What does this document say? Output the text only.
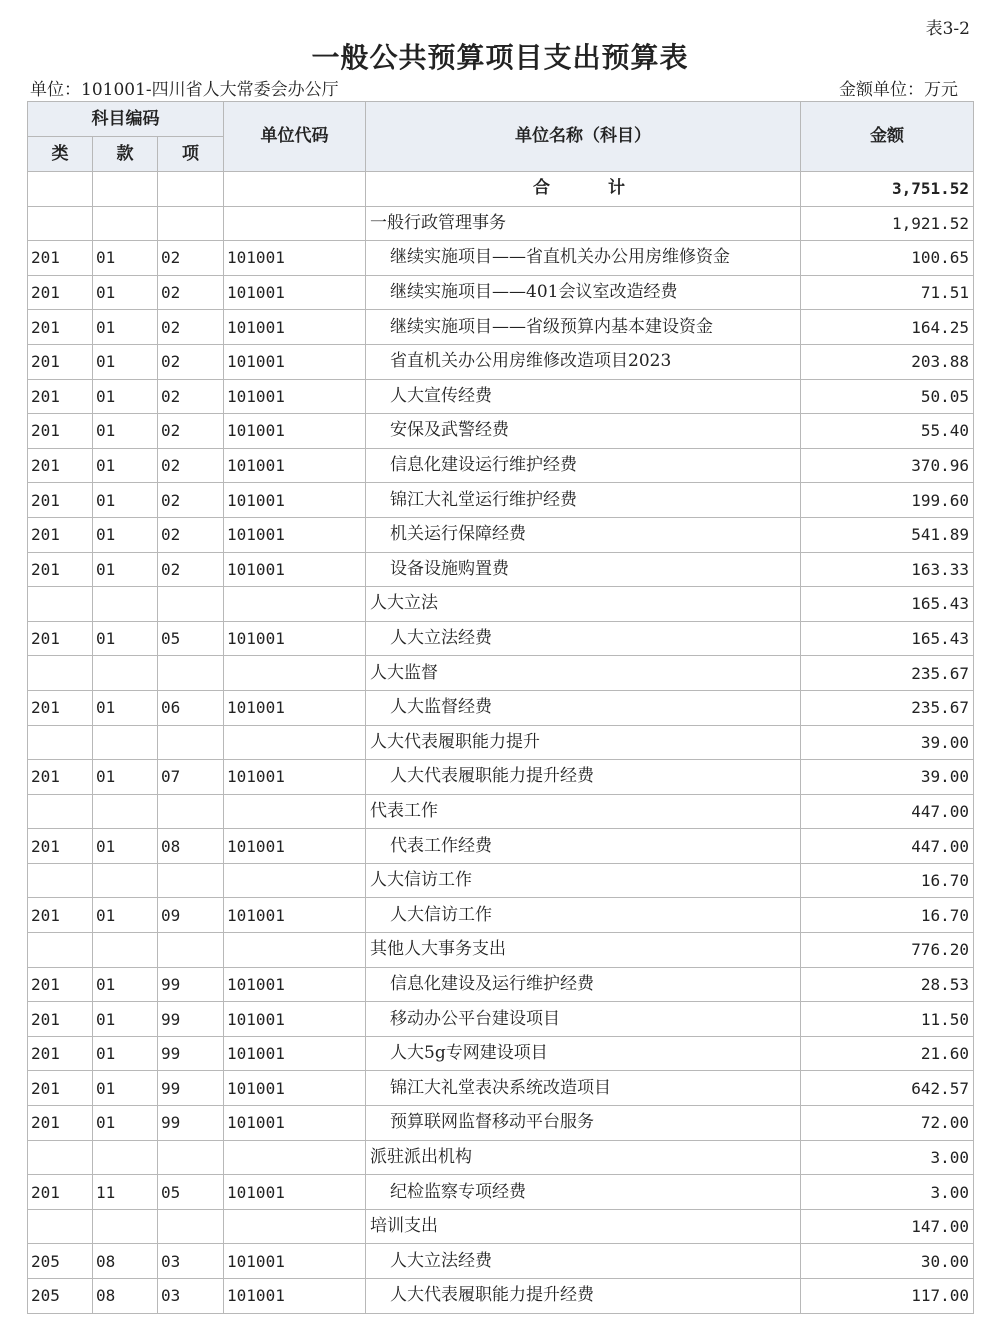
表3-2
一般公共预算项目支出预算表
单位：101001-四川省人大常委会办公厅	金额单位：万元
科目编码			单位代码	单位名称（科目）	金额
类	款	项			
				合　　计	3,751.52
				一般行政管理事务	1,921.52
201	01	02	101001	继续实施项目——省直机关办公用房维修资金	100.65
201	01	02	101001	继续实施项目——401会议室改造经费	71.51
201	01	02	101001	继续实施项目——省级预算内基本建设资金	164.25
201	01	02	101001	省直机关办公用房维修改造项目2023	203.88
201	01	02	101001	人大宣传经费	50.05
201	01	02	101001	安保及武警经费	55.40
201	01	02	101001	信息化建设运行维护经费	370.96
201	01	02	101001	锦江大礼堂运行维护经费	199.60
201	01	02	101001	机关运行保障经费	541.89
201	01	02	101001	设备设施购置费	163.33
				人大立法	165.43
201	01	05	101001	人大立法经费	165.43
				人大监督	235.67
201	01	06	101001	人大监督经费	235.67
				人大代表履职能力提升	39.00
201	01	07	101001	人大代表履职能力提升经费	39.00
				代表工作	447.00
201	01	08	101001	代表工作经费	447.00
				人大信访工作	16.70
201	01	09	101001	人大信访工作	16.70
				其他人大事务支出	776.20
201	01	99	101001	信息化建设及运行维护经费	28.53
201	01	99	101001	移动办公平台建设项目	11.50
201	01	99	101001	人大5g专网建设项目	21.60
201	01	99	101001	锦江大礼堂表决系统改造项目	642.57
201	01	99	101001	预算联网监督移动平台服务	72.00
				派驻派出机构	3.00
201	11	05	101001	纪检监察专项经费	3.00
				培训支出	147.00
205	08	03	101001	人大立法经费	30.00
205	08	03	101001	人大代表履职能力提升经费	117.00
